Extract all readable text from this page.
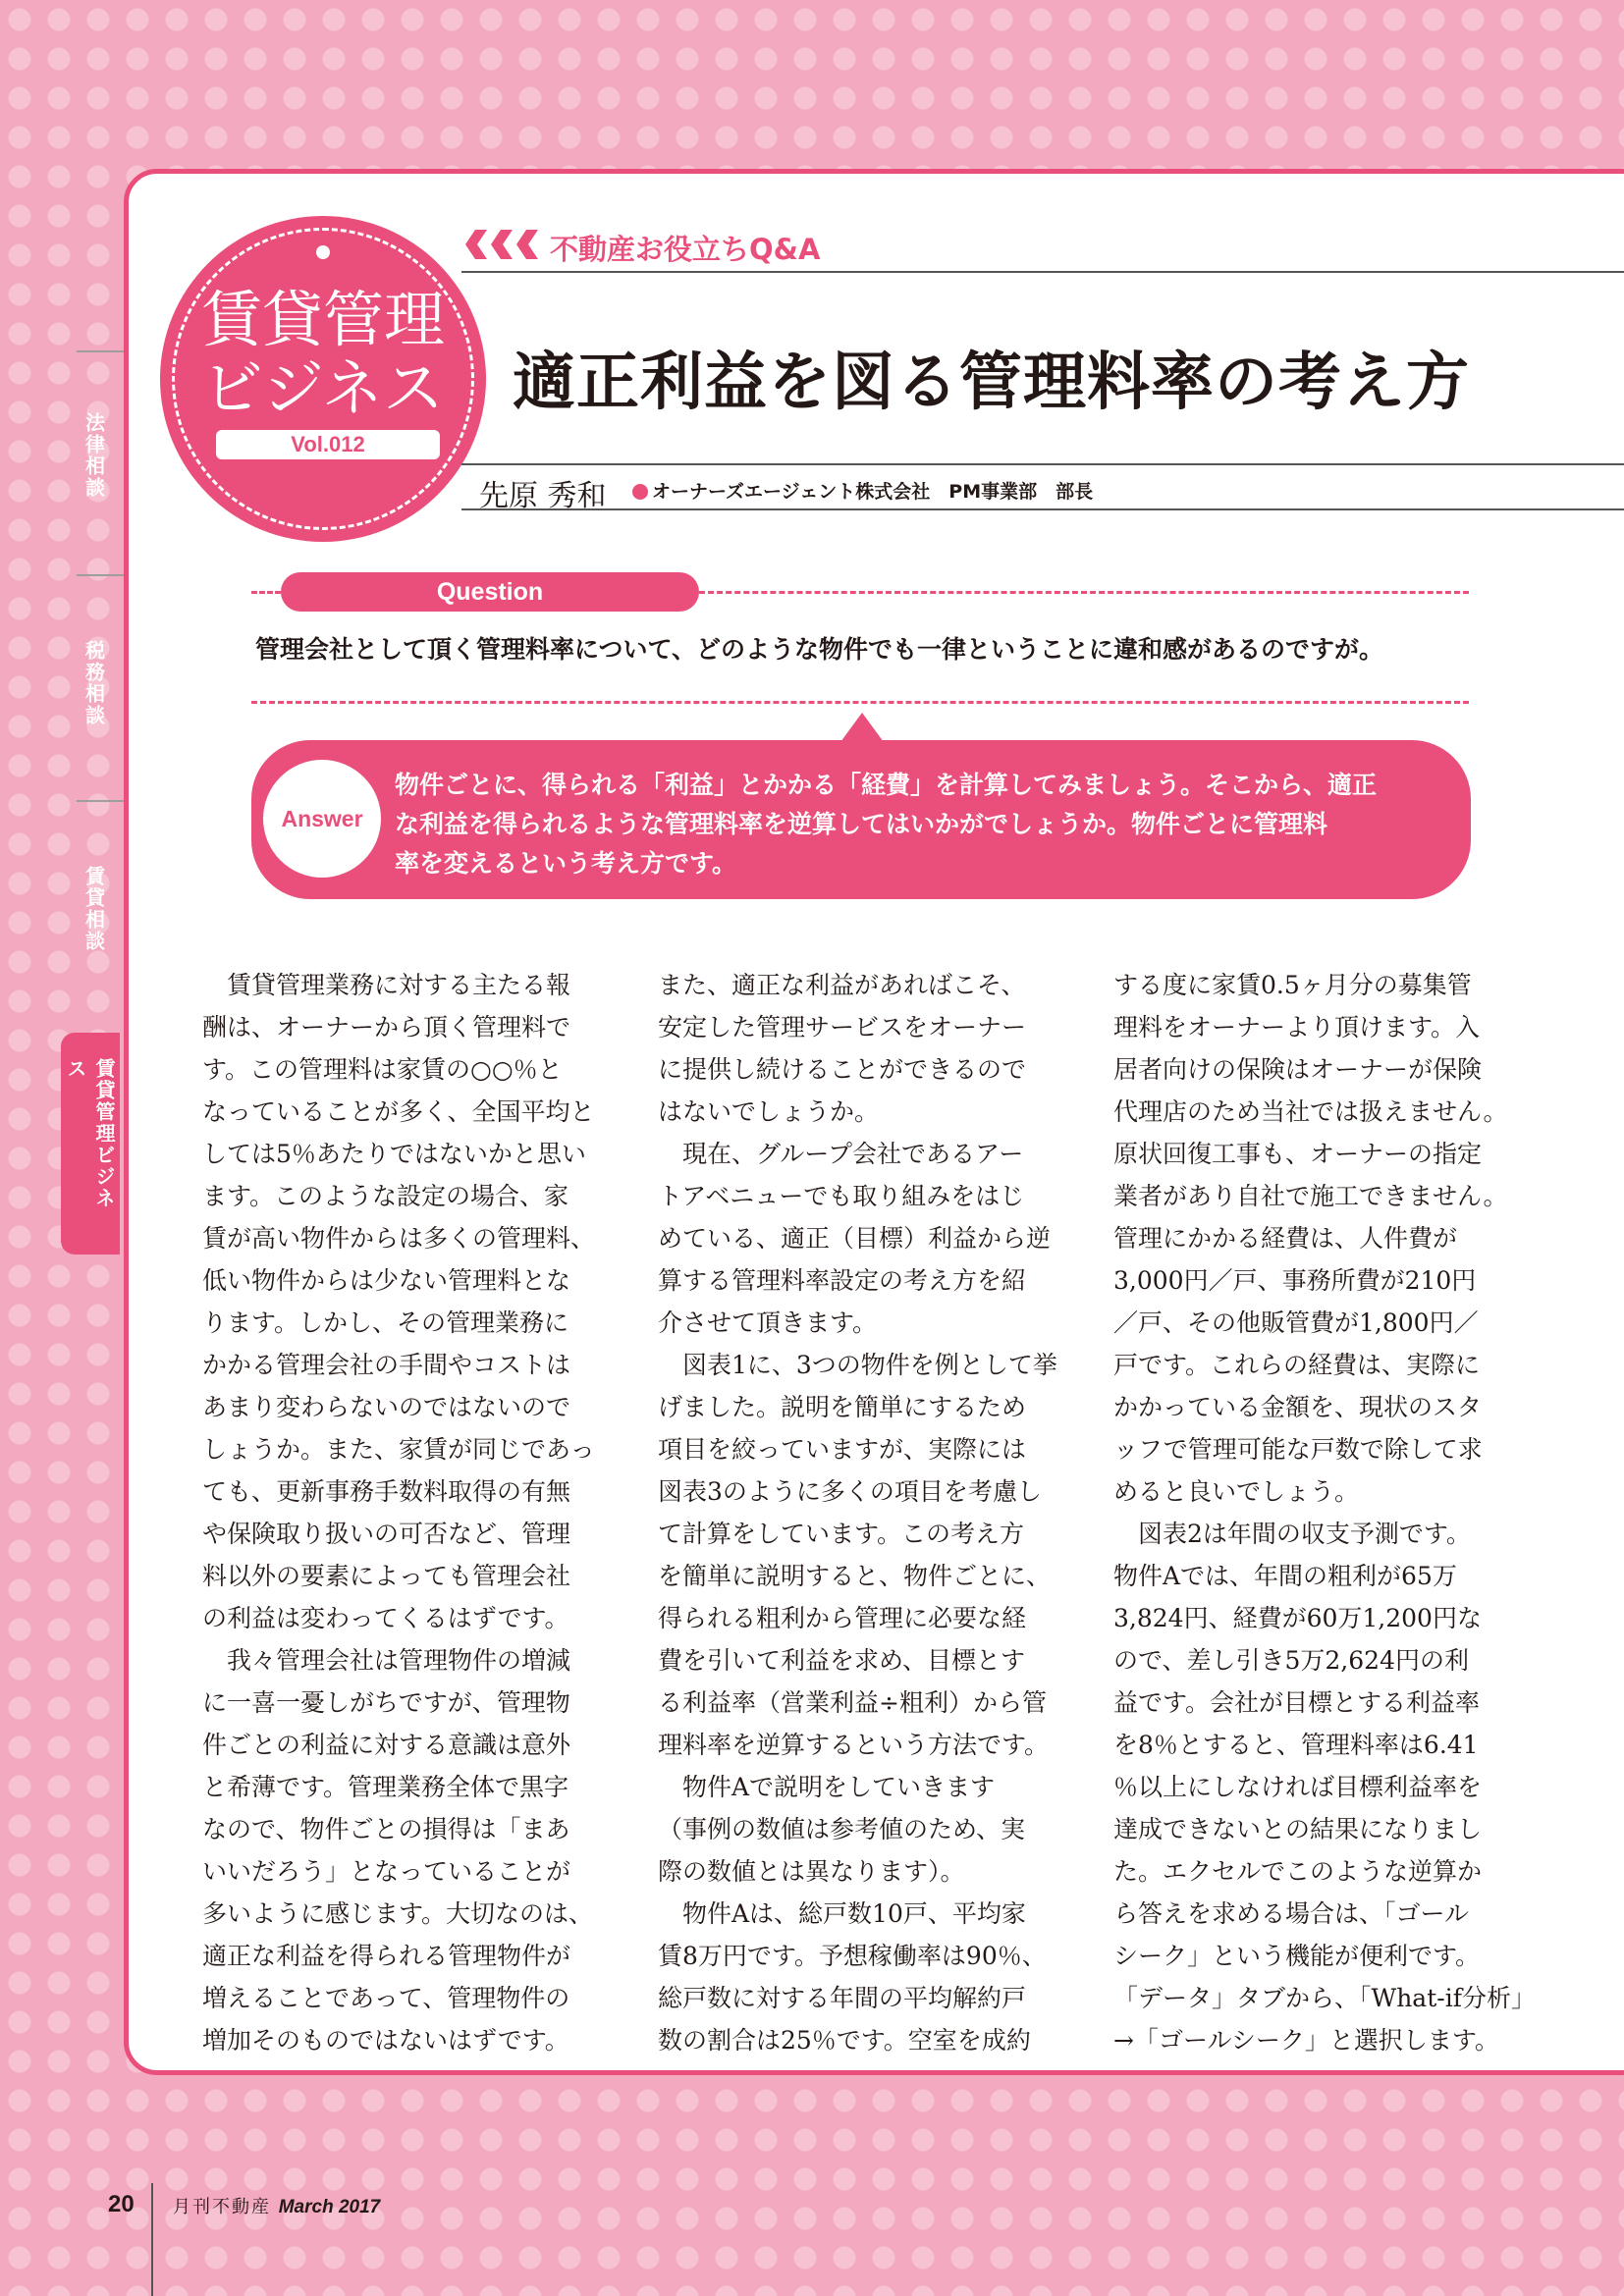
法律相談
税務相談
賃貸相談
賃貸管理ビジネス
賃貸管理
ビジネス
Vol.012
不動産お役立ちQ&A
適正利益を図る管理料率の考え方
先原 秀和	オーナーズエージェント株式会社　PM事業部　部長
Question
管理会社として頂く管理料率について、どのような物件でも一律ということに違和感があるのですが。
Answer
物件ごとに、得られる「利益」とかかる「経費」を計算してみましょう。そこから、適正
な利益を得られるような管理料率を逆算してはいかがでしょうか。物件ごとに管理料
率を変えるという考え方です。

　賃貸管理業務に対する主たる報

酬は、オーナーから頂く管理料で

す。この管理料は家賃の○○％と

なっていることが多く、全国平均と

しては5％あたりではないかと思い

ます。このような設定の場合、家

賃が高い物件からは多くの管理料、

低い物件からは少ない管理料とな

ります。しかし、その管理業務に

かかる管理会社の手間やコストは

あまり変わらないのではないので

しょうか。また、家賃が同じであっ

ても、更新事務手数料取得の有無

や保険取り扱いの可否など、管理

料以外の要素によっても管理会社

の利益は変わってくるはずです。

　我々管理会社は管理物件の増減

に一喜一憂しがちですが、管理物

件ごとの利益に対する意識は意外

と希薄です。管理業務全体で黒字

なので、物件ごとの損得は「まあ

いいだろう」となっていることが

多いように感じます。大切なのは、

適正な利益を得られる管理物件が

増えることであって、管理物件の

増加そのものではないはずです。

また、適正な利益があればこそ、

安定した管理サービスをオーナー

に提供し続けることができるので

はないでしょうか。

　現在、グループ会社であるアー

トアベニューでも取り組みをはじ

めている、適正（目標）利益から逆

算する管理料率設定の考え方を紹

介させて頂きます。

　図表1に、3つの物件を例として挙

げました。説明を簡単にするため

項目を絞っていますが、実際には

図表3のように多くの項目を考慮し

て計算をしています。この考え方

を簡単に説明すると、物件ごとに、

得られる粗利から管理に必要な経

費を引いて利益を求め、目標とす

る利益率（営業利益÷粗利）から管

理料率を逆算するという方法です。

　物件Aで説明をしていきます

（事例の数値は参考値のため、実

際の数値とは異なります）。

　物件Aは、総戸数10戸、平均家

賃8万円です。予想稼働率は90％、

総戸数に対する年間の平均解約戸

数の割合は25％です。空室を成約

する度に家賃0.5ヶ月分の募集管

理料をオーナーより頂けます。入

居者向けの保険はオーナーが保険

代理店のため当社では扱えません。

原状回復工事も、オーナーの指定

業者があり自社で施工できません。

管理にかかる経費は、人件費が

3,000円／戸、事務所費が210円

／戸、その他販管費が1,800円／

戸です。これらの経費は、実際に

かかっている金額を、現状のスタ

ッフで管理可能な戸数で除して求

めると良いでしょう。

　図表2は年間の収支予測です。

物件Aでは、年間の粗利が65万

3,824円、経費が60万1,200円な

ので、差し引き5万2,624円の利

益です。会社が目標とする利益率

を8％とすると、管理料率は6.41

％以上にしなければ目標利益率を

達成できないとの結果になりまし

た。エクセルでこのような逆算か

ら答えを求める場合は、「ゴール

シーク」という機能が便利です。

「データ」タブから、「What-if分析」

→「ゴールシーク」と選択します。

20 月刊不動産 March 2017
